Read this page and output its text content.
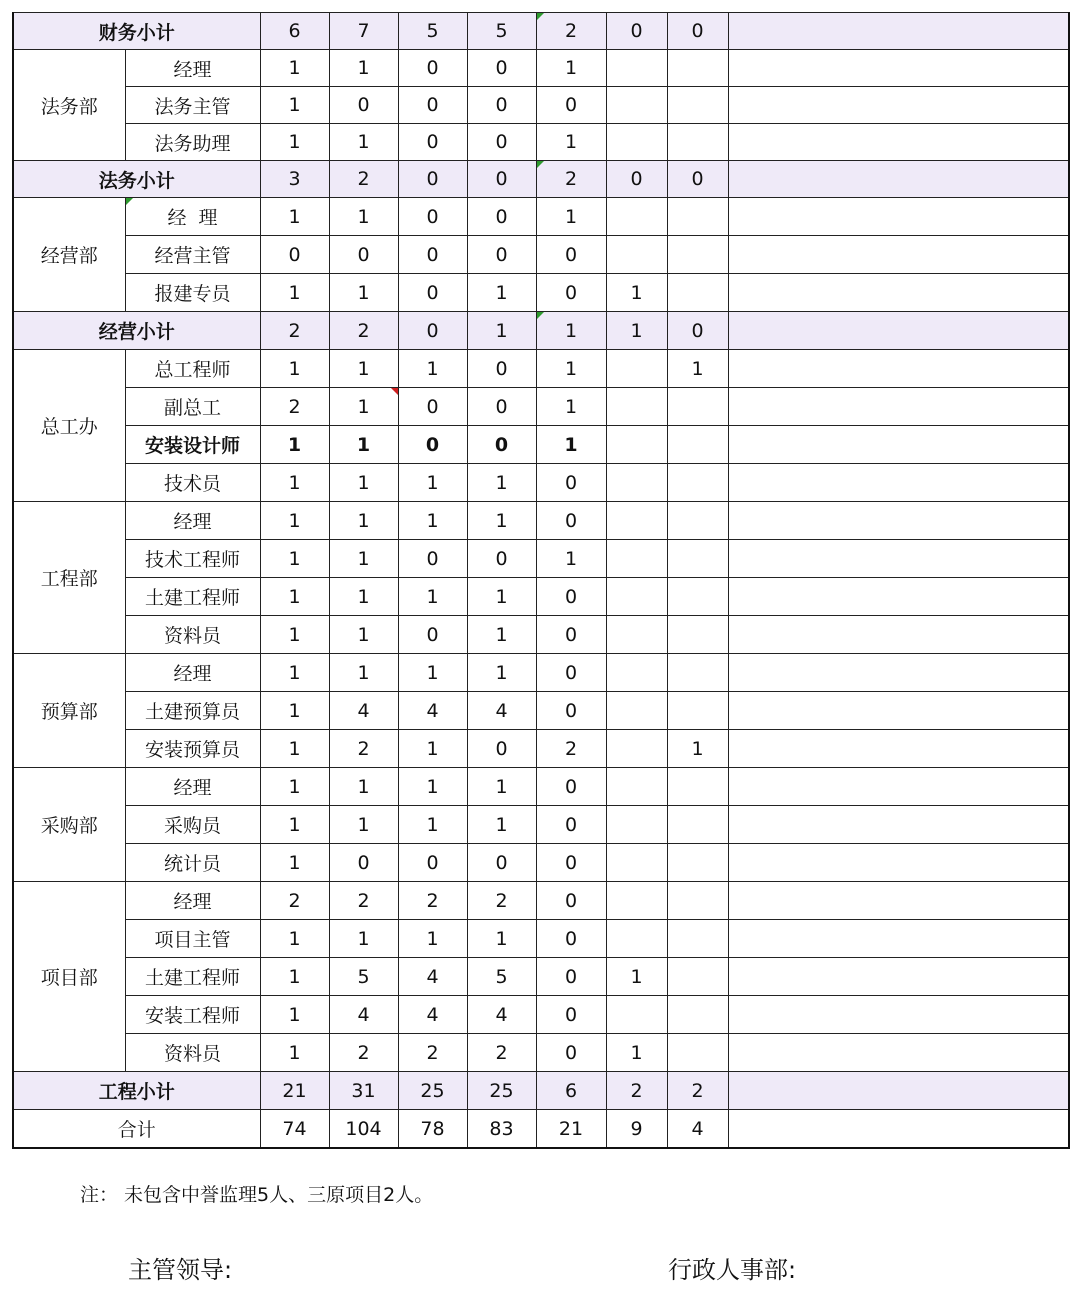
财务小计		6	7	5	5	2	0	0	
法务部	经理	1	1	0	0	1			
	法务主管	1	0	0	0	0			
	法务助理	1	1	0	0	1			
法务小计		3	2	0	0	2	0	0	
经营部	经  理	1	1	0	0	1			
	经营主管	0	0	0	0	0			
	报建专员	1	1	0	1	0	1		
经营小计		2	2	0	1	1	1	0	
总工办	总工程师	1	1	1	0	1		1	
	副总工	2	1	0	0	1			
	安装设计师	1	1	0	0	1			
	技术员	1	1	1	1	0			
工程部	经理	1	1	1	1	0			
	技术工程师	1	1	0	0	1			
	土建工程师	1	1	1	1	0			
	资料员	1	1	0	1	0			
预算部	经理	1	1	1	1	0			
	土建预算员	1	4	4	4	0			
	安装预算员	1	2	1	0	2		1	
采购部	经理	1	1	1	1	0			
	采购员	1	1	1	1	0			
	统计员	1	0	0	0	0			
项目部	经理	2	2	2	2	0			
	项目主管	1	1	1	1	0			
	土建工程师	1	5	4	5	0	1		
	安装工程师	1	4	4	4	0			
	资料员	1	2	2	2	0	1		
工程小计		21	31	25	25	6	2	2	
合计		74	104	78	83	21	9	4	
注： 未包含中誉监理5人、三原项目2人。
主管领导:	行政人事部:
